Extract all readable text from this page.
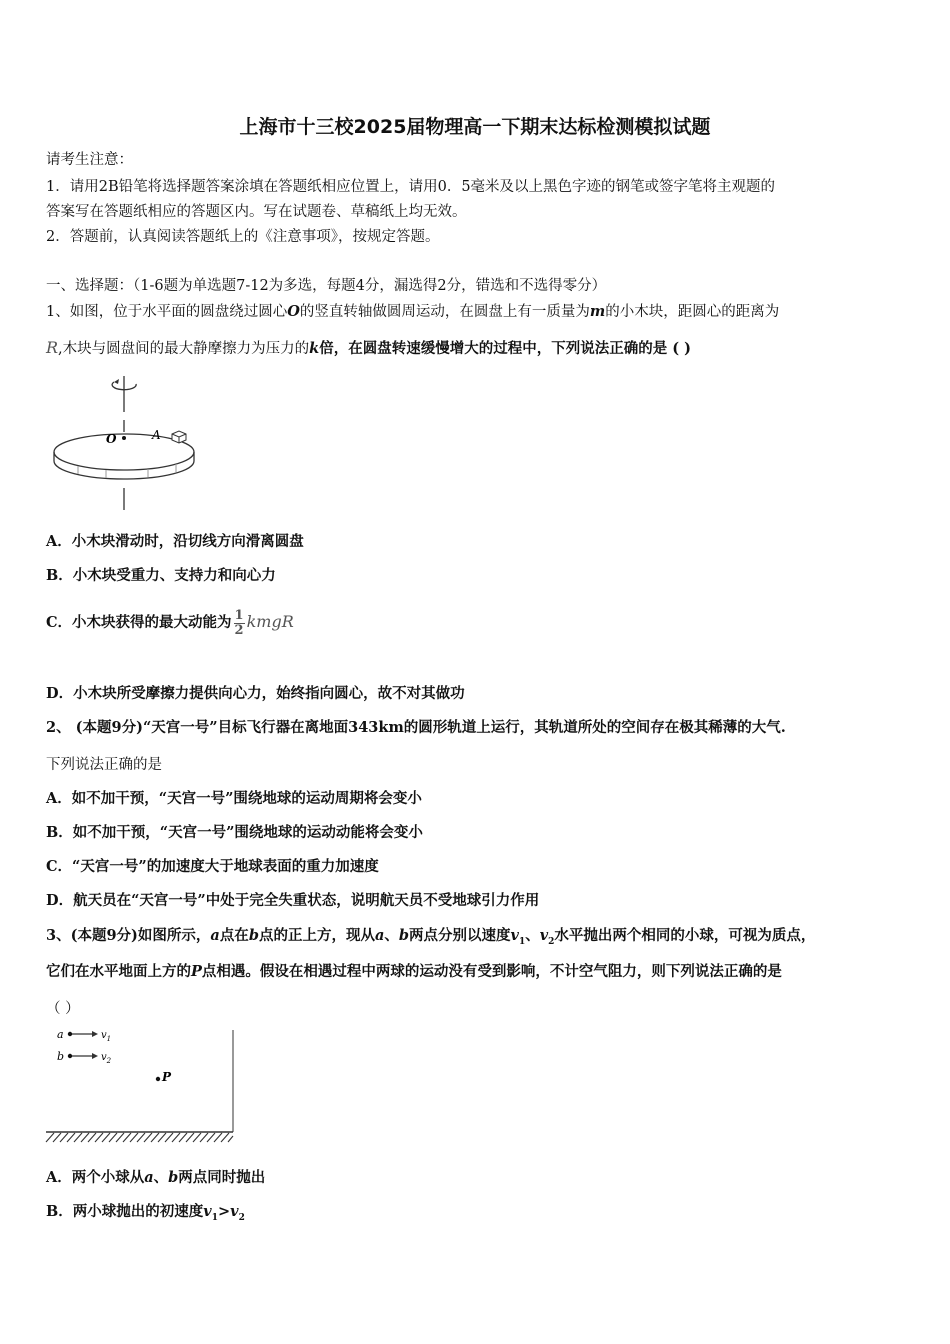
上海市十三校2025届物理高一下期末达标检测模拟试题
请考生注意：
1．请用2B铅笔将选择题答案涂填在答题纸相应位置上，请用0．5毫米及以上黑色字迹的钢笔或签字笔将主观题的
答案写在答题纸相应的答题区内。写在试题卷、草稿纸上均无效。
2．答题前，认真阅读答题纸上的《注意事项》，按规定答题。
一、选择题：（1-6题为单选题7-12为多选，每题4分，漏选得2分，错选和不选得零分）
1、如图，位于水平面的圆盘绕过圆心O的竖直转轴做圆周运动，在圆盘上有一质量为m的小木块，距圆心的距离为
R,木块与圆盘间的最大静摩擦力为压力的k倍，在圆盘转速缓慢增大的过程中，下列说法正确的是 ( )
O	A
A．小木块滑动时，沿切线方向滑离圆盘
B．小木块受重力、支持力和向心力
C．小木块获得的最大动能为 $\frac{1}{2}$ kmgR
D．小木块所受摩擦力提供向心力，始终指向圆心，故不对其做功
2、 (本题9分)“天宫一号”目标飞行器在离地面343km的圆形轨道上运行，其轨道所处的空间存在极其稀薄的大气.
下列说法正确的是
A．如不加干预，“天宫一号”围绕地球的运动周期将会变小
B．如不加干预，“天宫一号”围绕地球的运动动能将会变小
C．“天宫一号”的加速度大于地球表面的重力加速度
D．航天员在“天宫一号”中处于完全失重状态，说明航天员不受地球引力作用
3、(本题9分)如图所示，a点在b点的正上方，现从a、b两点分别以速度$v_1$、$v_2$水平抛出两个相同的小球，可视为质点，
它们在水平地面上方的P点相遇。假设在相遇过程中两球的运动没有受到影响，不计空气阻力，则下列说法正确的是
（ ）
a
b
$v_1$
$v_2$
P
A．两个小球从a、b两点同时抛出
B．两小球抛出的初速度$v_1>v_2$
